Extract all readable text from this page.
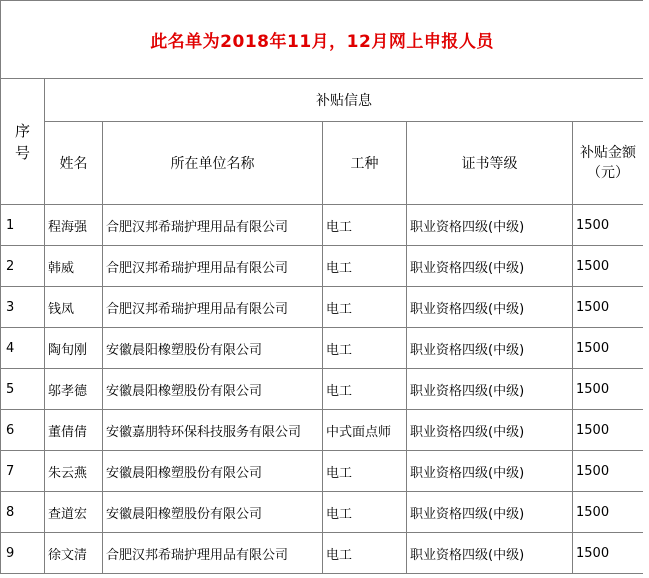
此名单为2018年11月，12月网上申报人员					
序
号	补贴信息				
	姓名	所在单位名称	工种	证书等级	补贴金额
（元）
1	程海强	合肥汉邦希瑞护理用品有限公司	电工	职业资格四级(中级)	1500
2	韩威	合肥汉邦希瑞护理用品有限公司	电工	职业资格四级(中级)	1500
3	钱凤	合肥汉邦希瑞护理用品有限公司	电工	职业资格四级(中级)	1500
4	陶旬刚	安徽晨阳橡塑股份有限公司	电工	职业资格四级(中级)	1500
5	邬孝德	安徽晨阳橡塑股份有限公司	电工	职业资格四级(中级)	1500
6	董倩倩	安徽嘉朋特环保科技服务有限公司	中式面点师	职业资格四级(中级)	1500
7	朱云燕	安徽晨阳橡塑股份有限公司	电工	职业资格四级(中级)	1500
8	查道宏	安徽晨阳橡塑股份有限公司	电工	职业资格四级(中级)	1500
9	徐文清	合肥汉邦希瑞护理用品有限公司	电工	职业资格四级(中级)	1500
